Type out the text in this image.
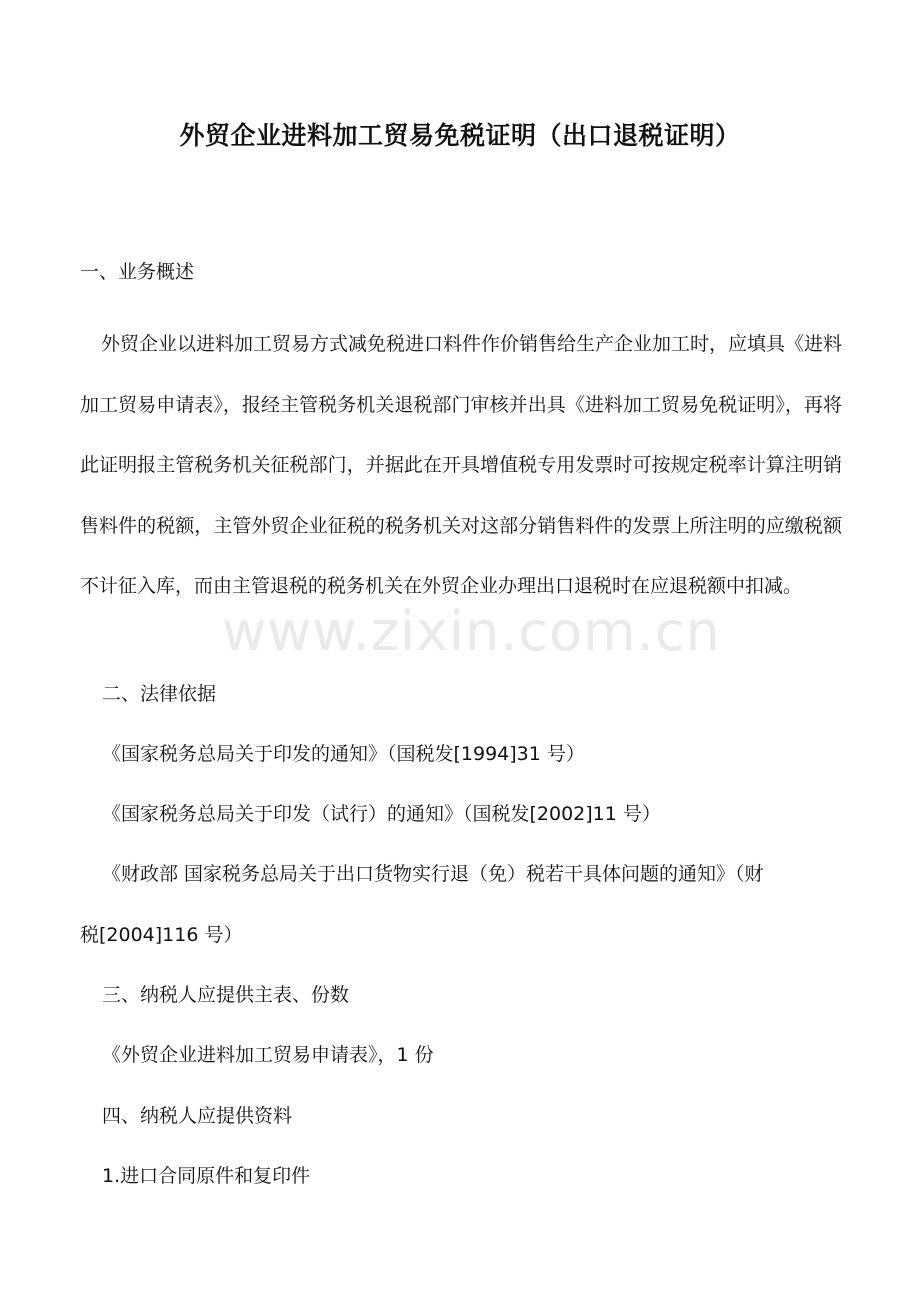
外贸企业进料加工贸易免税证明（出口退税证明）
一、业务概述
外贸企业以进料加工贸易方式减免税进口料件作价销售给生产企业加工时，应填具《进料加工贸易申请表》，报经主管税务机关退税部门审核并出具《进料加工贸易免税证明》，再将此证明报主管税务机关征税部门，并据此在开具增值税专用发票时可按规定税率计算注明销售料件的税额，主管外贸企业征税的税务机关对这部分销售料件的发票上所注明的应缴税额不计征入库，而由主管退税的税务机关在外贸企业办理出口退税时在应退税额中扣减。
www.zixin.com.cn
二、法律依据
《国家税务总局关于印发的通知》（国税发[1994]31 号）
《国家税务总局关于印发（试行）的通知》（国税发[2002]11 号）
《财政部 国家税务总局关于出口货物实行退（免）税若干具体问题的通知》（财
税[2004]116 号）
三、纳税人应提供主表、份数
《外贸企业进料加工贸易申请表》，1 份
四、纳税人应提供资料
1.进口合同原件和复印件
